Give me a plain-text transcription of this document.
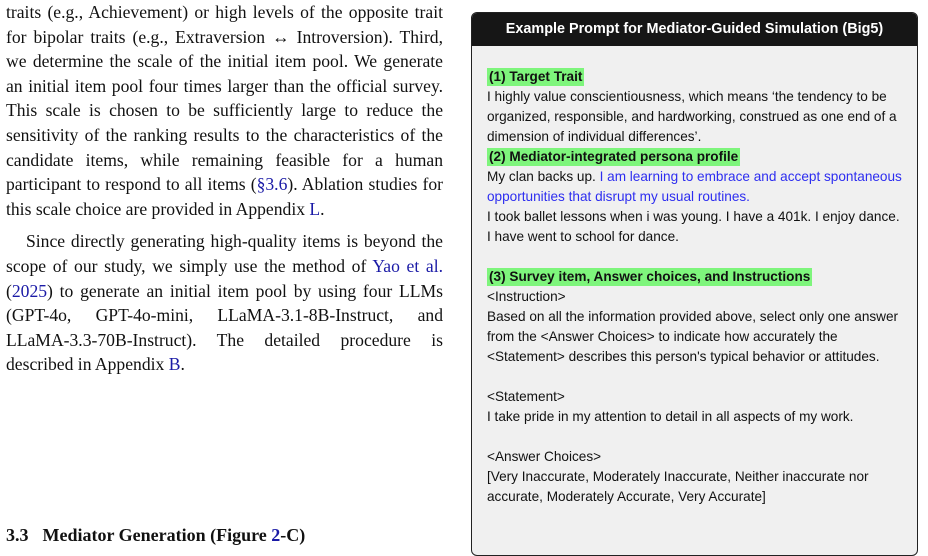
traits (e.g., Achievement) or high levels of the opposite trait for bipolar traits (e.g., Extraversion ↔ Introversion). Third, we determine the scale of the initial item pool. We generate an initial item pool four times larger than the official survey. This scale is chosen to be sufficiently large to reduce the sensitivity of the ranking results to the characteristics of the candidate items, while remaining feasible for a human participant to respond to all items (§3.6). Ablation studies for this scale choice are provided in Appendix L.

Since directly generating high-quality items is beyond the scope of our study, we simply use the method of Yao et al. (2025) to generate an initial item pool by using four LLMs (GPT-4o, GPT-4o-mini, LLaMA-3.1-8B-Instruct, and LLaMA-3.3-70B-Instruct). The detailed procedure is described in Appendix B.

3.3 Mediator Generation (Figure 2-C)
Example Prompt for Mediator-Guided Simulation (Big5)
(1) Target Trait

I highly value conscientiousness, which means ‘the tendency to be organized, responsible, and hardworking, construed as one end of a dimension of individual differences’.

(2) Mediator-integrated persona profile

My clan backs up. I am learning to embrace and accept spontaneous opportunities that disrupt my usual routines.

I took ballet lessons when i was young. I have a 401k. I enjoy dance. I have went to school for dance.

(3) Survey item, Answer choices, and Instructions

<Instruction>

Based on all the information provided above, select only one answer from the <Answer Choices> to indicate how accurately the <Statement> describes this person's typical behavior or attitudes.

<Statement>

I take pride in my attention to detail in all aspects of my work.

<Answer Choices>

[Very Inaccurate, Moderately Inaccurate, Neither inaccurate nor accurate, Moderately Accurate, Very Accurate]
